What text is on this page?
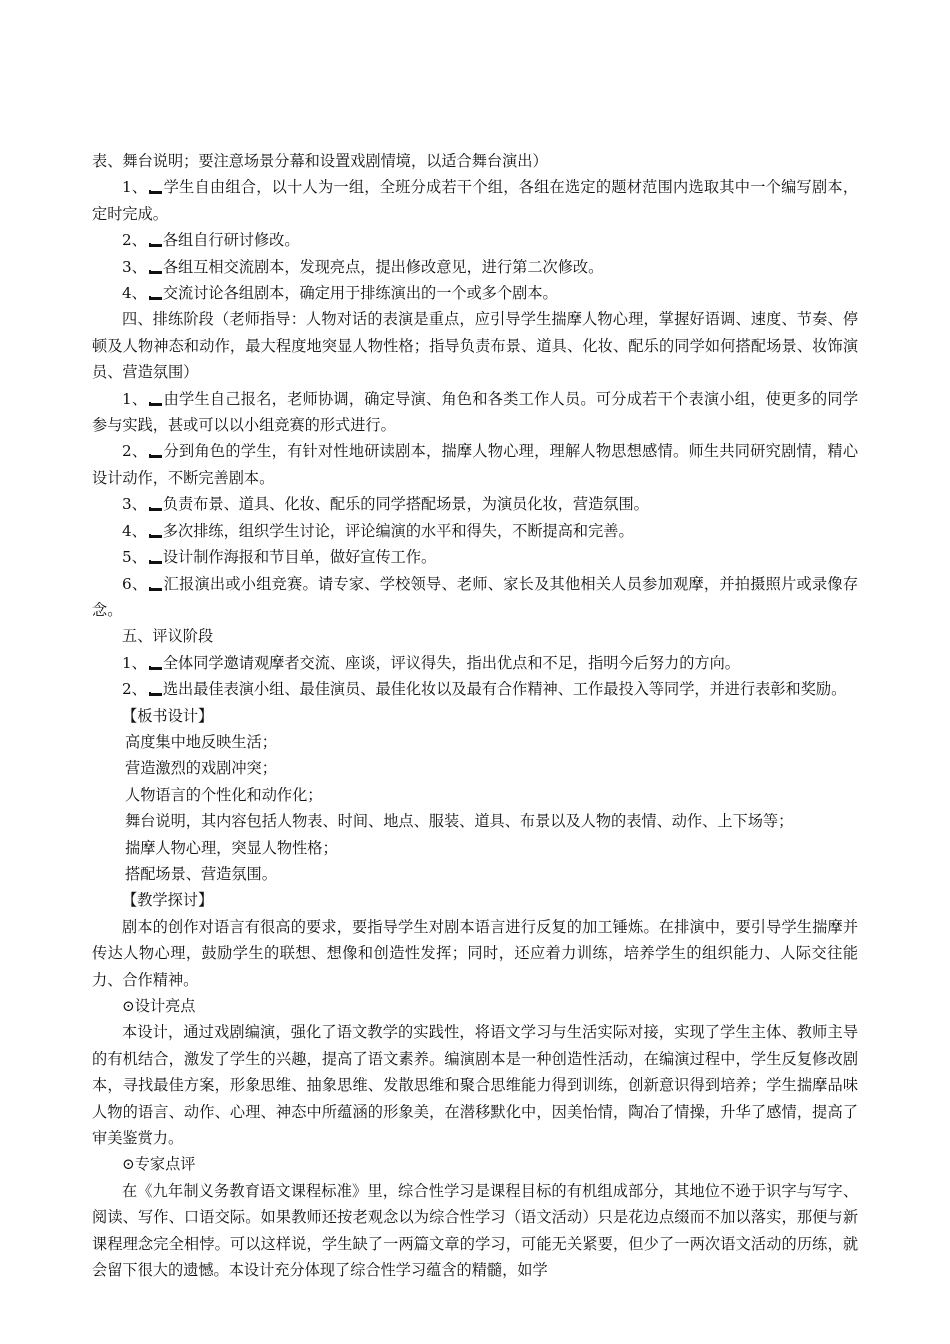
表、舞台说明；要注意场景分幕和设置戏剧情境，以适合舞台演出）

1、 学生自由组合，以十人为一组，全班分成若干个组，各组在选定的题材范围内选取其中一个编写剧本，定时完成。

2、 各组自行研讨修改。

3、 各组互相交流剧本，发现亮点，提出修改意见，进行第二次修改。

4、 交流讨论各组剧本，确定用于排练演出的一个或多个剧本。

四、排练阶段（老师指导：人物对话的表演是重点，应引导学生揣摩人物心理，掌握好语调、速度、节奏、停顿及人物神态和动作，最大程度地突显人物性格；指导负责布景、道具、化妆、配乐的同学如何搭配场景、妆饰演员、营造氛围）

1、 由学生自己报名，老师协调，确定导演、角色和各类工作人员。可分成若干个表演小组，使更多的同学参与实践，甚或可以以小组竞赛的形式进行。

2、 分到角色的学生，有针对性地研读剧本，揣摩人物心理，理解人物思想感情。师生共同研究剧情，精心设计动作，不断完善剧本。

3、 负责布景、道具、化妆、配乐的同学搭配场景，为演员化妆，营造氛围。

4、 多次排练，组织学生讨论，评论编演的水平和得失，不断提高和完善。

5、 设计制作海报和节目单，做好宣传工作。

6、 汇报演出或小组竞赛。请专家、学校领导、老师、家长及其他相关人员参加观摩，并拍摄照片或录像存念。

五、评议阶段

1、 全体同学邀请观摩者交流、座谈，评议得失，指出优点和不足，指明今后努力的方向。

2、 选出最佳表演小组、最佳演员、最佳化妆以及最有合作精神、工作最投入等同学，并进行表彰和奖励。

【板书设计】

高度集中地反映生活；

营造激烈的戏剧冲突；

人物语言的个性化和动作化；

舞台说明，其内容包括人物表、时间、地点、服装、道具、布景以及人物的表情、动作、上下场等；

揣摩人物心理，突显人物性格；

搭配场景、营造氛围。

【教学探讨】

剧本的创作对语言有很高的要求，要指导学生对剧本语言进行反复的加工锤炼。在排演中，要引导学生揣摩并传达人物心理，鼓励学生的联想、想像和创造性发挥；同时，还应着力训练，培养学生的组织能力、人际交往能力、合作精神。

⊙设计亮点

本设计，通过戏剧编演，强化了语文教学的实践性，将语文学习与生活实际对接，实现了学生主体、教师主导的有机结合，激发了学生的兴趣，提高了语文素养。编演剧本是一种创造性活动，在编演过程中，学生反复修改剧本，寻找最佳方案，形象思维、抽象思维、发散思维和聚合思维能力得到训练，创新意识得到培养；学生揣摩品味人物的语言、动作、心理、神态中所蕴涵的形象美，在潜移默化中，因美怡情，陶冶了情操，升华了感情，提高了审美鉴赏力。

⊙专家点评

在《九年制义务教育语文课程标准》里，综合性学习是课程目标的有机组成部分，其地位不逊于识字与写字、阅读、写作、口语交际。如果教师还按老观念以为综合性学习（语文活动）只是花边点缀而不加以落实，那便与新课程理念完全相悖。可以这样说，学生缺了一两篇文章的学习，可能无关紧要，但少了一两次语文活动的历练，就会留下很大的遗憾。本设计充分体现了综合性学习蕴含的精髓，如学
